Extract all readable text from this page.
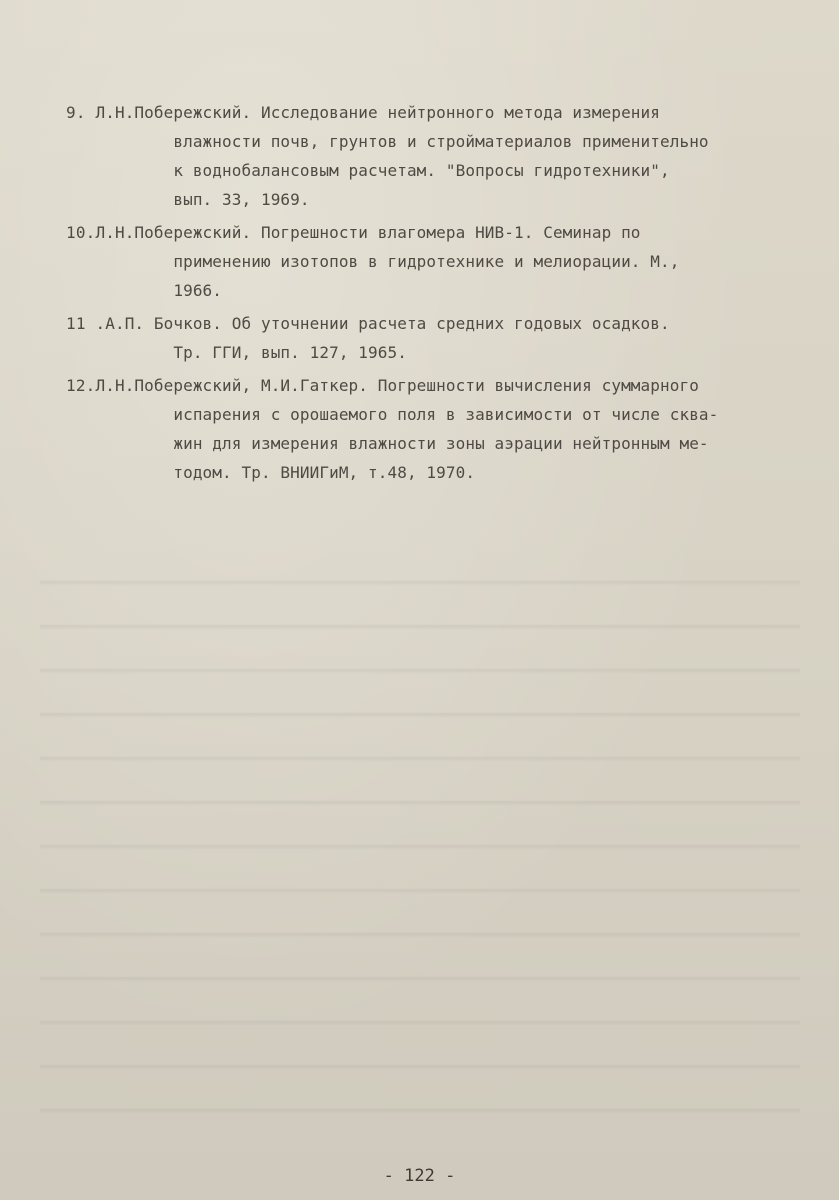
9. Л.Н.Побережский. Исследование нейтронного метода измерения
влажности почв, грунтов и стройматериалов применительно
к воднобалансовым расчетам. "Вопросы гидротехники",
вып. 33, 1969.
10. Л.Н.Побережский. Погрешности влагомера НИВ-1. Семинар по
применению изотопов в гидротехнике и мелиорации. М.,
1966.
11 .А.П. Бочков. Об уточнении расчета средних годовых осадков.
Тр. ГГИ, вып. 127, 1965.
12. Л.Н.Побережский, М.И.Гаткер. Погрешности вычисления суммарного
испарения с орошаемого поля в зависимости от числе сква-
жин для измерения влажности зоны аэрации нейтронным ме-
тодом. Тр. ВНИИГиМ, т.48, 1970.
- 122 -
